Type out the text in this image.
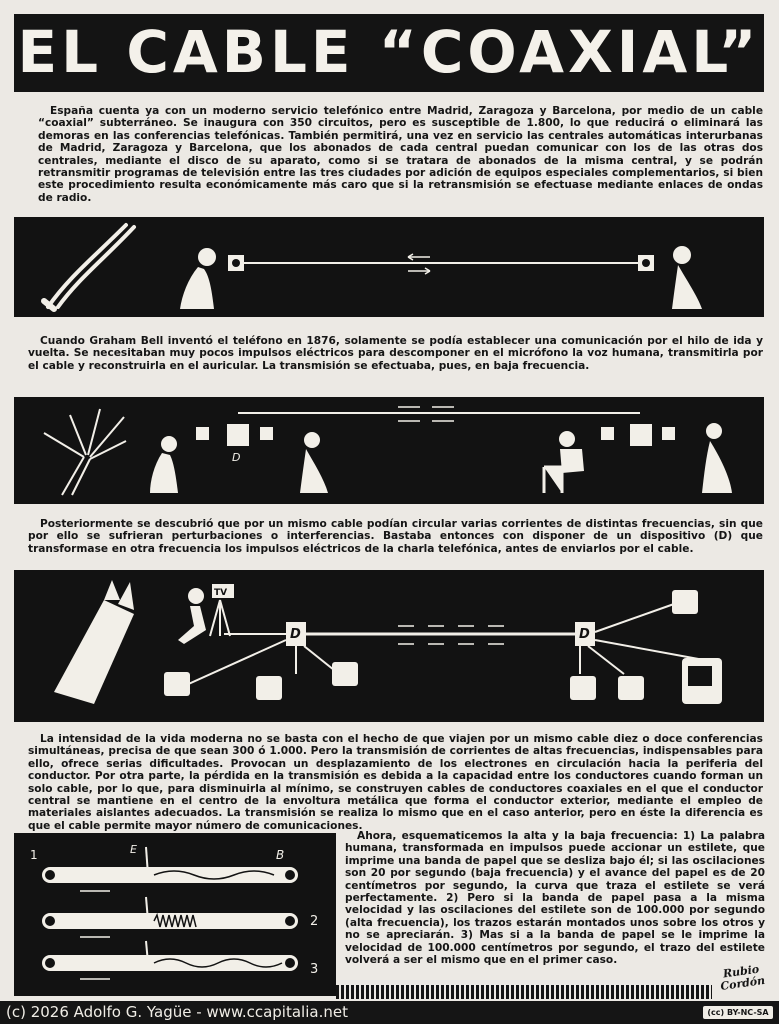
EL CABLE “COAXIAL”

España cuenta ya con un moderno servicio telefónico entre Madrid, Zaragoza y Barcelona, por medio de un cable “coaxial” subterráneo. Se inaugura con 350 circuitos, pero es susceptible de 1.800, lo que reducirá o eliminará las demoras en las conferencias telefónicas. También permitirá, una vez en servicio las centrales automáticas interurbanas de Madrid, Zaragoza y Barcelona, que los abonados de cada central puedan comunicar con los de las otras dos centrales, mediante el disco de su aparato, como si se tratara de abonados de la misma central, y se podrán retransmitir programas de televisión entre las tres ciudades por adición de equipos especiales complementarios, si bien este procedimiento resulta económicamente más caro que si la retransmisión se efectuase mediante enlaces de ondas de radio.

Cuando Graham Bell inventó el teléfono en 1876, solamente se podía establecer una comunicación por el hilo de ida y vuelta. Se necesitaban muy pocos impulsos eléctricos para descomponer en el micrófono la voz humana, transmitirla por el cable y reconstruirla en el auricular. La transmisión se efectuaba, pues, en baja frecuencia.

D

Posteriormente se descubrió que por un mismo cable podían circular varias corrientes de distintas frecuencias, sin que por ello se sufrieran perturbaciones o interferencias. Bastaba entonces con disponer de un dispositivo (D) que transformase en otra frecuencia los impulsos eléctricos de la charla telefónica, antes de enviarlos por el cable.

TV
D	D

La intensidad de la vida moderna no se basta con el hecho de que viajen por un mismo cable diez o doce conferencias simultáneas, precisa de que sean 300 ó 1.000. Pero la transmisión de corrientes de altas frecuencias, indispensables para ello, ofrece serias dificultades. Provocan un desplazamiento de los electrones en circulación hacia la periferia del conductor. Por otra parte, la pérdida en la transmisión es debida a la capacidad entre los conductores cuando forman un solo cable, por lo que, para disminuirla al mínimo, se construyen cables de conductores coaxiales en el que el conductor central se mantiene en el centro de la envoltura metálica que forma el conductor exterior, mediante el empleo de materiales aislantes adecuados. La transmisión se realiza lo mismo que en el caso anterior, pero en éste la diferencia es que el cable permite mayor número de comunicaciones.

1	E	B
2
3

Ahora, esquematicemos la alta y la baja frecuencia: 1) La palabra humana, transformada en impulsos puede accionar un estilete, que imprime una banda de papel que se desliza bajo él; si las oscilaciones son 20 por segundo (baja frecuencia) y el avance del papel es de 20 centímetros por segundo, la curva que traza el estilete se verá perfectamente. 2) Pero si la banda de papel pasa a la misma velocidad y las oscilaciones del estilete son de 100.000 por segundo (alta frecuencia), los trazos estarán montados unos sobre los otros y no se apreciarán. 3) Mas si a la banda de papel se le imprime la velocidad de 100.000 centímetros por segundo, el trazo del estilete volverá a ser el mismo que en el primer caso.

Rubio Cordón
(c) 2026 Adolfo G. Yagüe - www.ccapitalia.net	(cc) BY-NC-SA
